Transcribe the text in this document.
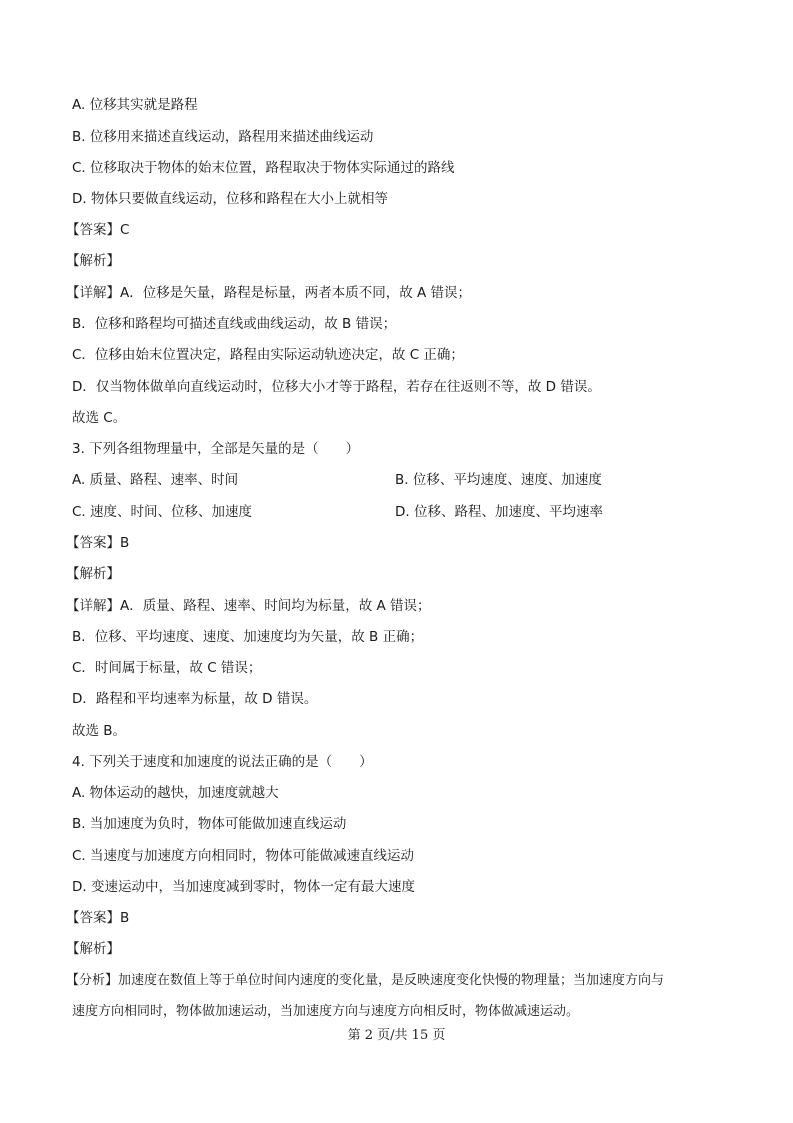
A. 位移其实就是路程
B. 位移用来描述直线运动，路程用来描述曲线运动
C. 位移取决于物体的始末位置，路程取决于物体实际通过的路线
D. 物体只要做直线运动，位移和路程在大小上就相等
【答案】C
【解析】
【详解】A．位移是矢量，路程是标量，两者本质不同，故 A 错误；
B．位移和路程均可描述直线或曲线运动，故 B 错误；
C．位移由始末位置决定，路程由实际运动轨迹决定，故 C 正确；
D．仅当物体做单向直线运动时，位移大小才等于路程，若存在往返则不等，故 D 错误。
故选 C。
3. 下列各组物理量中，全部是矢量的是（　　）
A. 质量、路程、速率、时间	B. 位移、平均速度、速度、加速度
C. 速度、时间、位移、加速度	D. 位移、路程、加速度、平均速率
【答案】B
【解析】
【详解】A．质量、路程、速率、时间均为标量，故 A 错误；
B．位移、平均速度、速度、加速度均为矢量，故 B 正确；
C．时间属于标量，故 C 错误；
D．路程和平均速率为标量，故 D 错误。
故选 B。
4. 下列关于速度和加速度的说法正确的是（　　）
A. 物体运动的越快，加速度就越大
B. 当加速度为负时，物体可能做加速直线运动
C. 当速度与加速度方向相同时，物体可能做减速直线运动
D. 变速运动中，当加速度减到零时，物体一定有最大速度
【答案】B
【解析】
【分析】加速度在数值上等于单位时间内速度的变化量，是反映速度变化快慢的物理量；当加速度方向与
速度方向相同时，物体做加速运动，当加速度方向与速度方向相反时，物体做减速运动。
第 2 页/共 15 页
